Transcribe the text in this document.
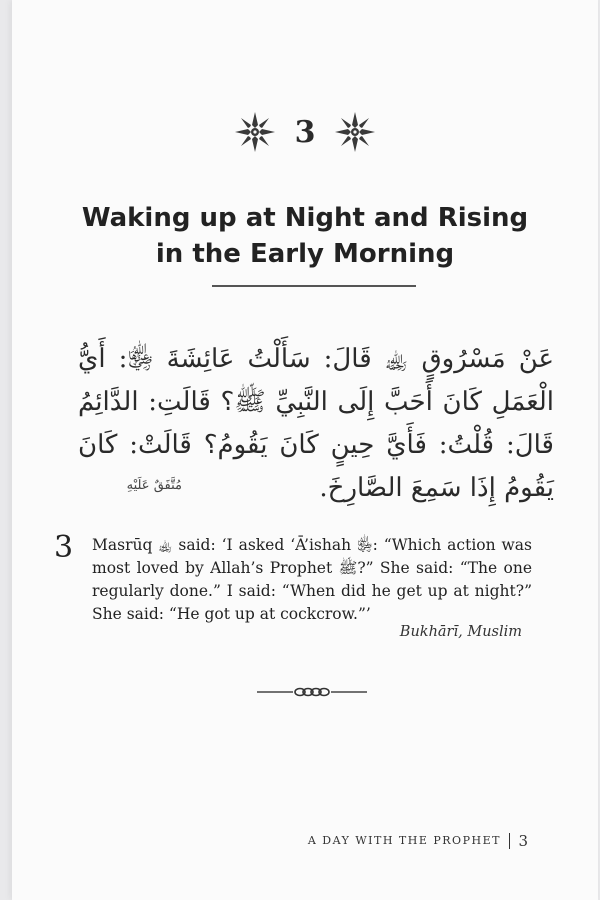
3
Waking up at Night and Rising
in the Early Morning
عَنْ مَسْرُوقٍ ﵀ قَالَ: سَأَلْتُ عَائِشَةَ ﵂: أَيُّ الْعَمَلِ كَانَ أَحَبَّ إِلَى النَّبِيِّ ﷺ؟ قَالَتِ: الدَّائِمُ قَالَ: قُلْتُ: فَأَيَّ حِينٍ كَانَ يَقُومُ؟ قَالَتْ: كَانَ يَقُومُ إِذَا سَمِعَ الصَّارِخَ.
مُتَّفَقٌ عَلَيْهِ
3 Masrūq ﵀ said: ‘I asked ‘Ā’ishah ﵂: “Which action was most loved by Allah’s Prophet ﷺ?” She said: “The one regularly done.” I said: “When did he get up at night?” She said: “He got up at cockcrow.”’

Bukhārī, Muslim
A DAY WITH THE PROPHET 3
